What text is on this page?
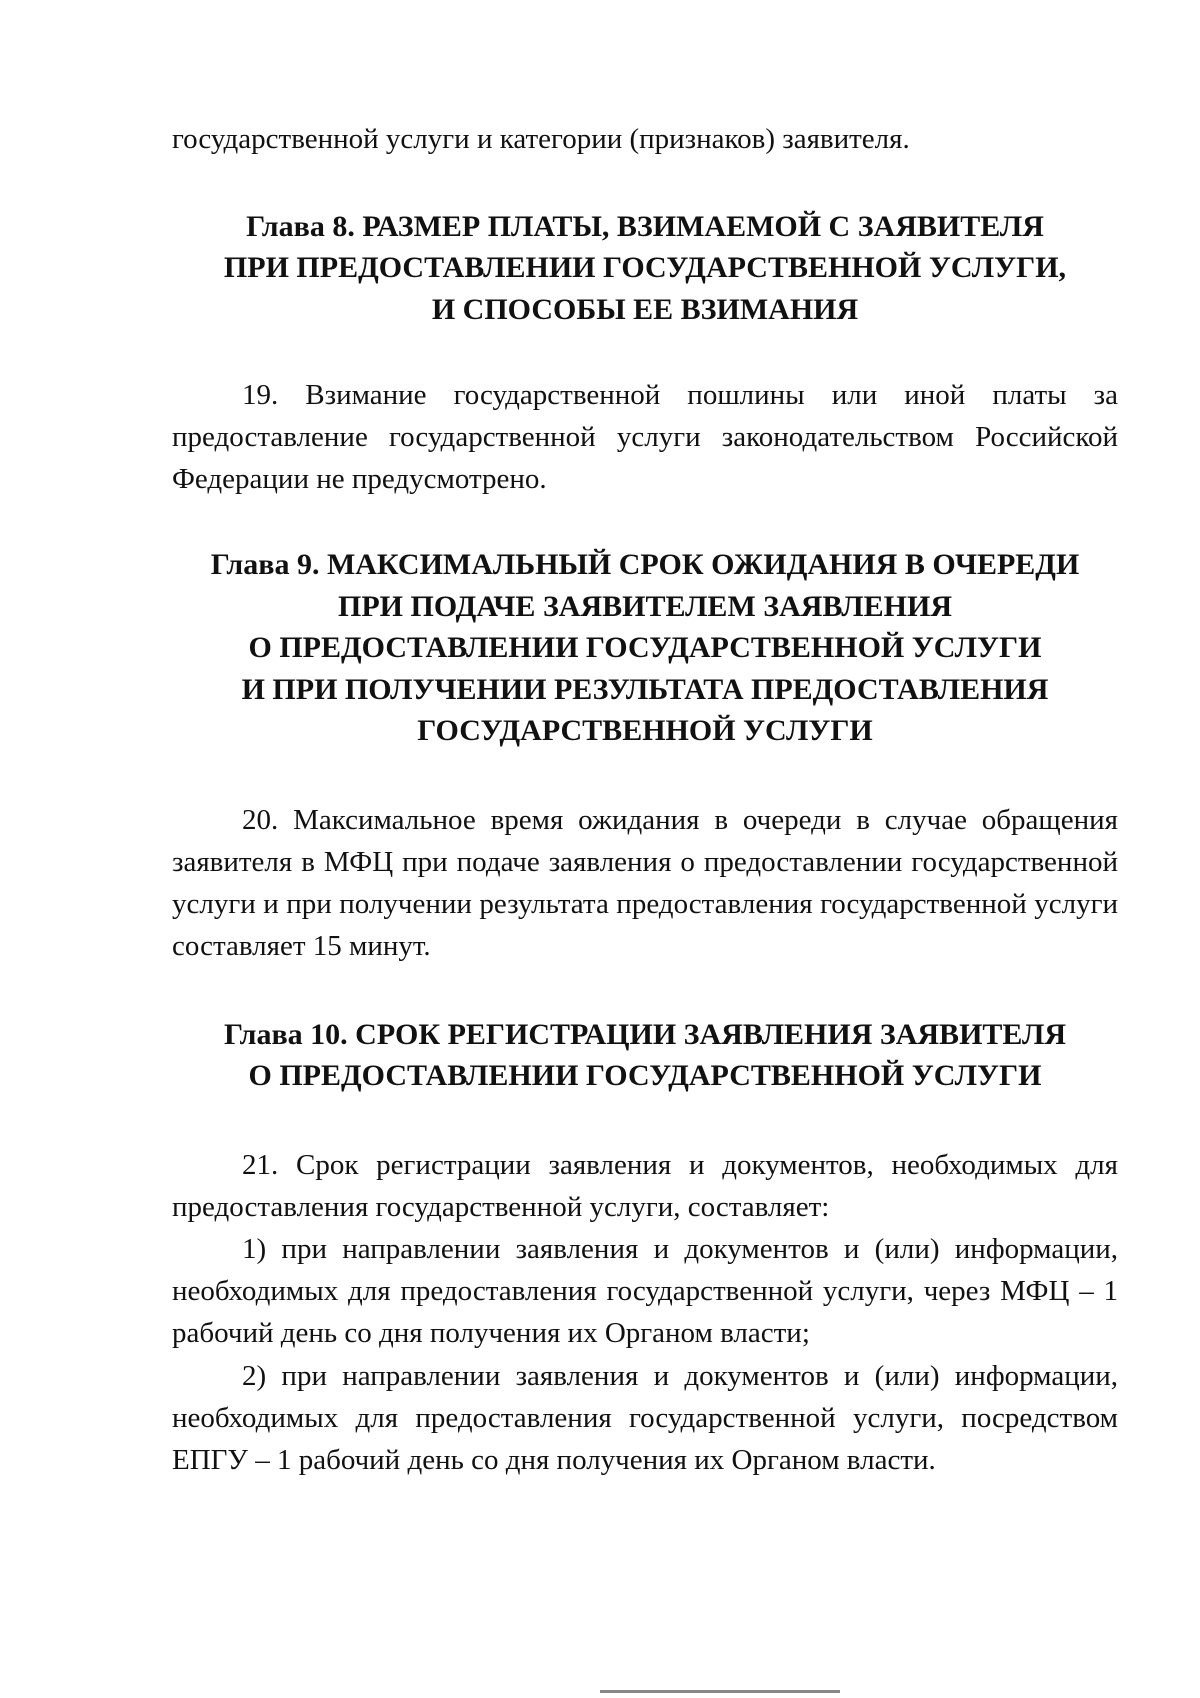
государственной услуги и категории (признаков) заявителя.

Глава 8. РАЗМЕР ПЛАТЫ, ВЗИМАЕМОЙ С ЗАЯВИТЕЛЯ
ПРИ ПРЕДОСТАВЛЕНИИ ГОСУДАРСТВЕННОЙ УСЛУГИ,
И СПОСОБЫ ЕЕ ВЗИМАНИЯ

19. Взимание государственной пошлины или иной платы за предоставление государственной услуги законодательством Российской Федерации не предусмотрено.

Глава 9. МАКСИМАЛЬНЫЙ СРОК ОЖИДАНИЯ В ОЧЕРЕДИ
ПРИ ПОДАЧЕ ЗАЯВИТЕЛЕМ ЗАЯВЛЕНИЯ
О ПРЕДОСТАВЛЕНИИ ГОСУДАРСТВЕННОЙ УСЛУГИ
И ПРИ ПОЛУЧЕНИИ РЕЗУЛЬТАТА ПРЕДОСТАВЛЕНИЯ
ГОСУДАРСТВЕННОЙ УСЛУГИ

20. Максимальное время ожидания в очереди в случае обращения заявителя в МФЦ при подаче заявления о предоставлении государственной услуги и при получении результата предоставления государственной услуги составляет 15 минут.

Глава 10. СРОК РЕГИСТРАЦИИ ЗАЯВЛЕНИЯ ЗАЯВИТЕЛЯ
О ПРЕДОСТАВЛЕНИИ ГОСУДАРСТВЕННОЙ УСЛУГИ

21. Срок регистрации заявления и документов, необходимых для предоставления государственной услуги, составляет:

1) при направлении заявления и документов и (или) информации, необходимых для предоставления государственной услуги, через МФЦ – 1 рабочий день со дня получения их Органом власти;

2) при направлении заявления и документов и (или) информации, необходимых для предоставления государственной услуги, посредством ЕПГУ – 1 рабочий день со дня получения их Органом власти.
